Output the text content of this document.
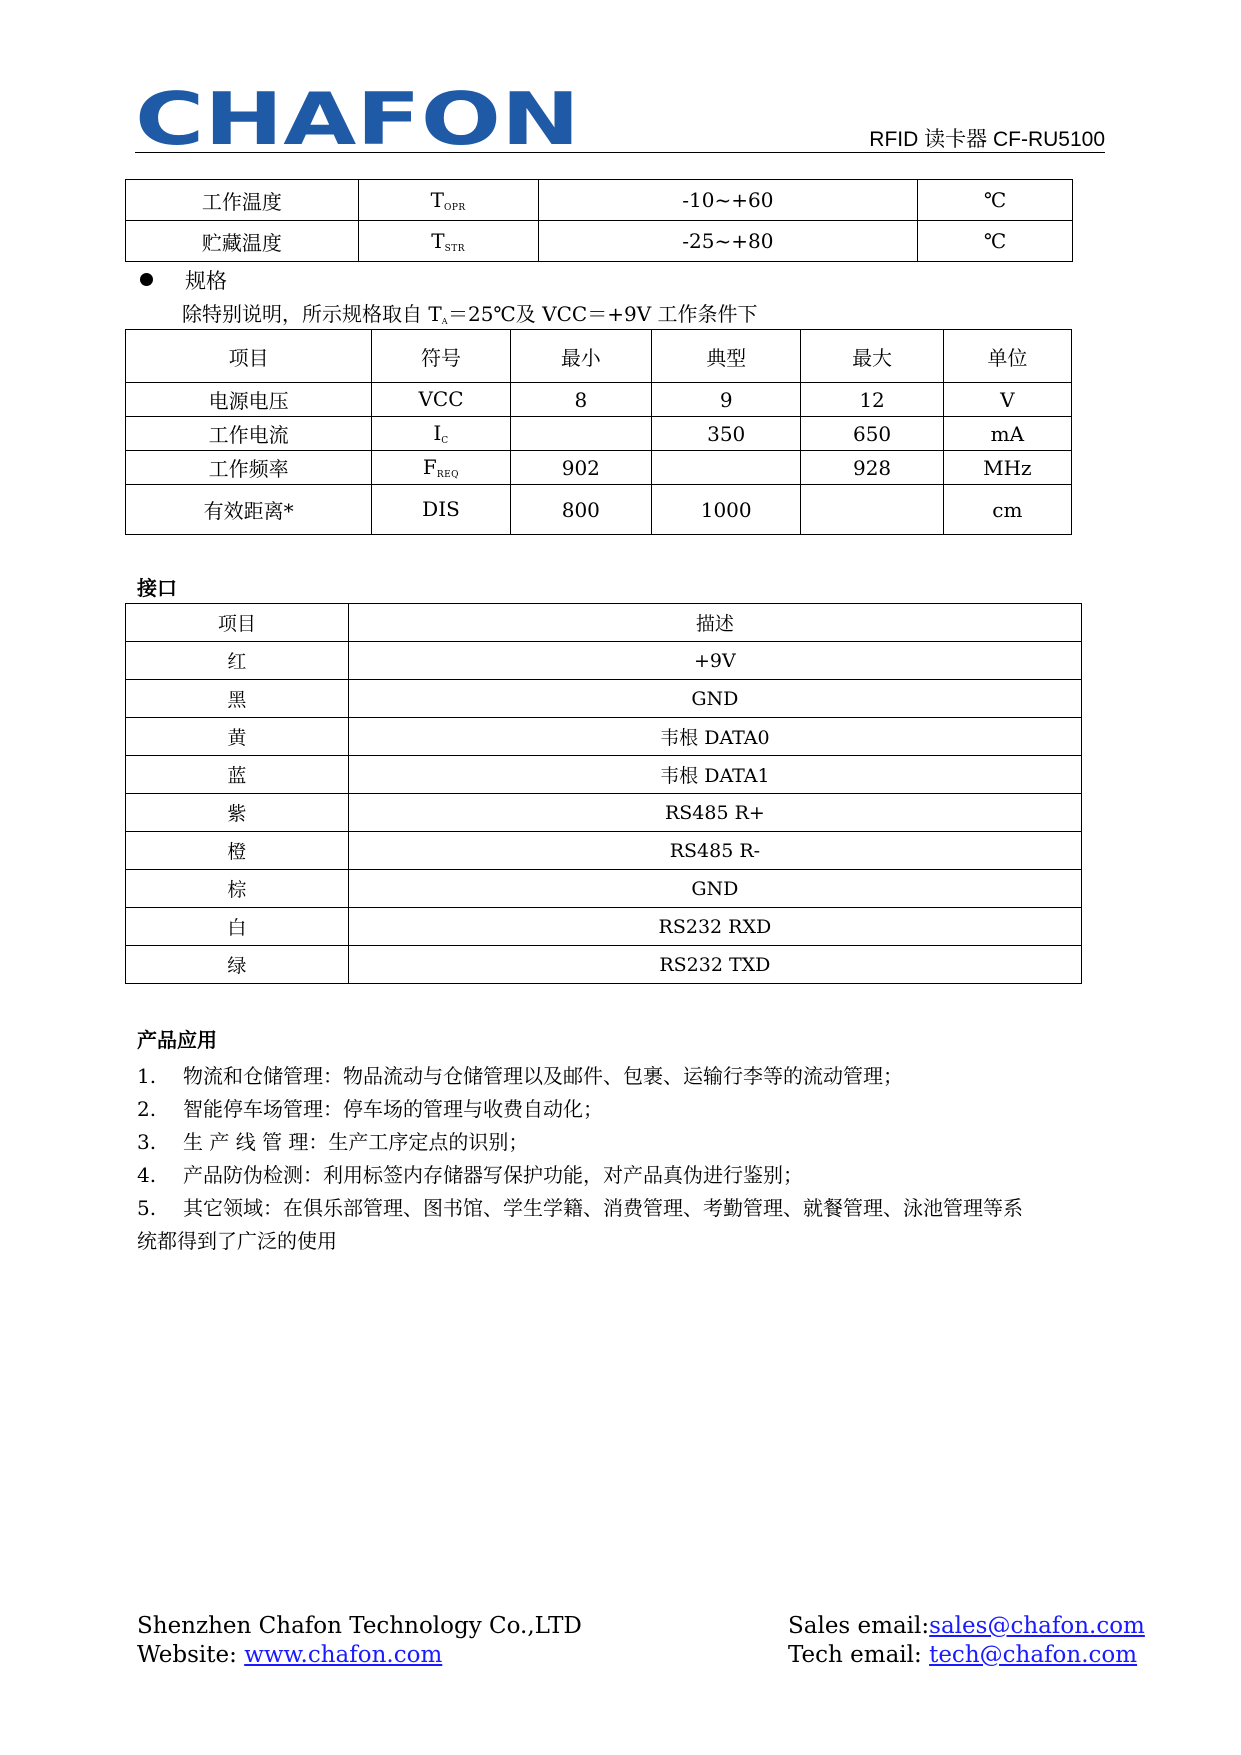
CHAFON	RFID 读卡器 CF-RU5100
工作温度	$T_{OPR}$	-10~+60	℃
贮藏温度	$T_{STR}$	-25~+80	℃
规格
除特别说明，所示规格取自 $T_A=25℃$及 VCC＝+9V 工作条件下
项目	符号	最小	典型	最大	单位
电源电压	VCC	8	9	12	V
工作电流	$I_C$		350	650	mA
工作频率	$F_{REQ}$	902		928	MHz
有效距离*	DIS	800	1000		cm
接口
项目	描述
红	+9V
黑	GND
黄	韦根 DATA0
蓝	韦根 DATA1
紫	RS485 R+
橙	RS485 R-
棕	GND
白	RS232 RXD
绿	RS232 TXD
产品应用
1. 物流和仓储管理：物品流动与仓储管理以及邮件、包裹、运输行李等的流动管理；
2. 智能停车场管理：停车场的管理与收费自动化；
3. 生 产 线 管 理：生产工序定点的识别；
4. 产品防伪检测：利用标签内存储器写保护功能，对产品真伪进行鉴别；
5. 其它领域：在俱乐部管理、图书馆、学生学籍、消费管理、考勤管理、就餐管理、泳池管理等系
统都得到了广泛的使用
Shenzhen Chafon Technology Co.,LTD
Website: www.chafon.com
Sales email:sales@chafon.com
Tech email: tech@chafon.com
